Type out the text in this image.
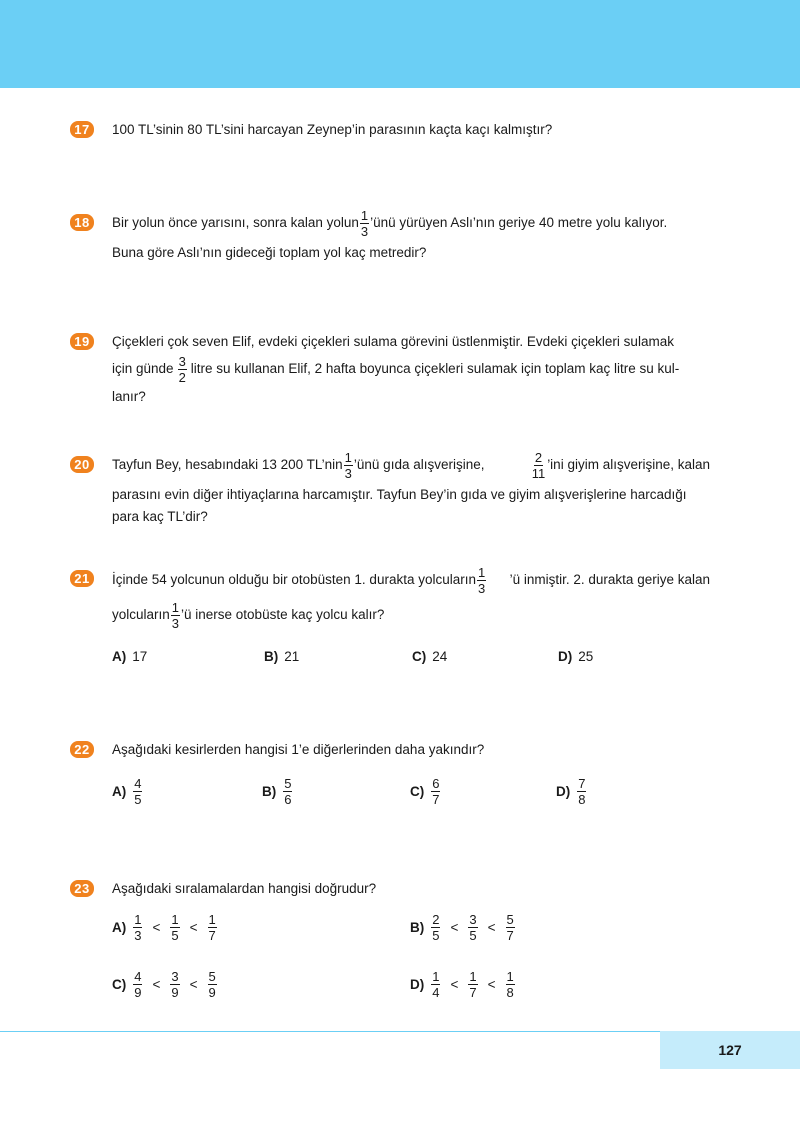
17	100 TL’sinin 80 TL’sini harcayan Zeynep’in parasının kaçta kaçı kalmıştır?
18	Bir yolun önce yarısını, sonra kalan yolun $\frac{1}{3}$ ’ünü yürüyen Aslı’nın geriye 40 metre yolu kalıyor.
Buna göre Aslı’nın gideceği toplam yol kaç metredir?
19	Çiçekleri çok seven Elif, evdeki çiçekleri sulama görevini üstlenmiştir. Evdeki çiçekleri sulamak
için günde $\frac{3}{2}$ litre su kullanan Elif, 2 hafta boyunca çiçekleri sulamak için toplam kaç litre su kul-
lanır?
20	Tayfun Bey, hesabındaki 13 200 TL’nin $\frac{1}{3}$ ’ünü gıda alışverişine,	$\frac{2}{11}$ ’ini giyim alışverişine, kalan
parasını evin diğer ihtiyaçlarına harcamıştır. Tayfun Bey’in gıda ve giyim alışverişlerine harcadığı
para kaç TL’dir?
21	İçinde 54 yolcunun olduğu bir otobüsten 1. durakta yolcuların $\frac{1}{3}$ ’ü inmiştir. 2. durakta geriye kalan
yolcuların $\frac{1}{3}$ ’ü inerse otobüste kaç yolcu kalır?
A) 17	B) 21	C) 24	D) 25
22	Aşağıdaki kesirlerden hangisi 1’e diğerlerinden daha yakındır?
$A) \frac{4}{5}$	$B) \frac{5}{6}$	$C) \frac{6}{7}$	$D) \frac{7}{8}$
23	Aşağıdaki sıralamalardan hangisi doğrudur?
$A) \frac{1}{3} < \frac{1}{5} < \frac{1}{7}$	$B) \frac{2}{5} < \frac{3}{5} < \frac{5}{7}$
$C) \frac{4}{9} < \frac{3}{9} < \frac{5}{9}$	$D) \frac{1}{4} < \frac{1}{7} < \frac{1}{8}$
127
